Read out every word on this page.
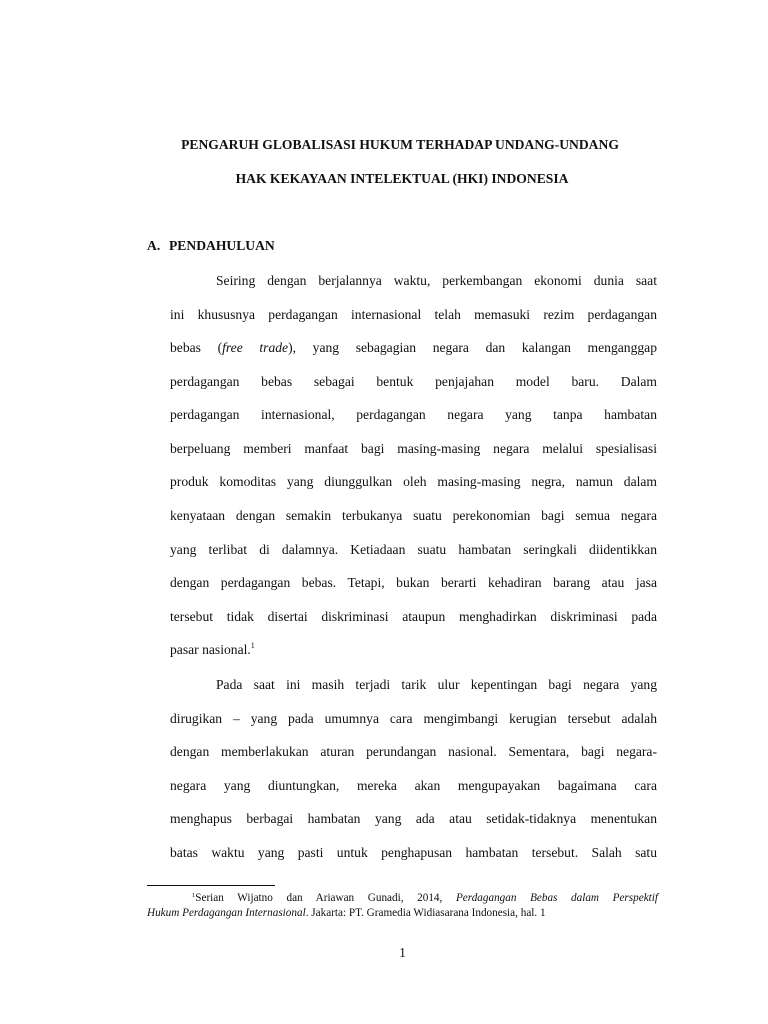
PENGARUH GLOBALISASI HUKUM TERHADAP UNDANG-UNDANG
HAK KEKAYAAN INTELEKTUAL (HKI) INDONESIA
A. PENDAHULUAN
Seiring dengan berjalannya waktu, perkembangan ekonomi dunia saat
ini khususnya perdagangan internasional telah memasuki rezim perdagangan
bebas (free trade), yang sebagagian negara dan kalangan menganggap
perdagangan bebas sebagai bentuk penjajahan model baru. Dalam
perdagangan internasional, perdagangan negara yang tanpa hambatan
berpeluang memberi manfaat bagi masing-masing negara melalui spesialisasi
produk komoditas yang diunggulkan oleh masing-masing negra, namun dalam
kenyataan dengan semakin terbukanya suatu perekonomian bagi semua negara
yang terlibat di dalamnya. Ketiadaan suatu hambatan seringkali diidentikkan
dengan perdagangan bebas. Tetapi, bukan berarti kehadiran barang atau jasa
tersebut tidak disertai diskriminasi ataupun menghadirkan diskriminasi pada
pasar nasional.$^1$
Pada saat ini masih terjadi tarik ulur kepentingan bagi negara yang
dirugikan – yang pada umumnya cara mengimbangi kerugian tersebut adalah
dengan memberlakukan aturan perundangan nasional. Sementara, bagi negara-
negara yang diuntungkan, mereka akan mengupayakan bagaimana cara
menghapus berbagai hambatan yang ada atau setidak-tidaknya menentukan
batas waktu yang pasti untuk penghapusan hambatan tersebut. Salah satu
$^1$Serian Wijatno dan Ariawan Gunadi, 2014, Perdagangan Bebas dalam Perspektif
Hukum Perdagangan Internasional. Jakarta: PT. Gramedia Widiasarana Indonesia, hal. 1
1
